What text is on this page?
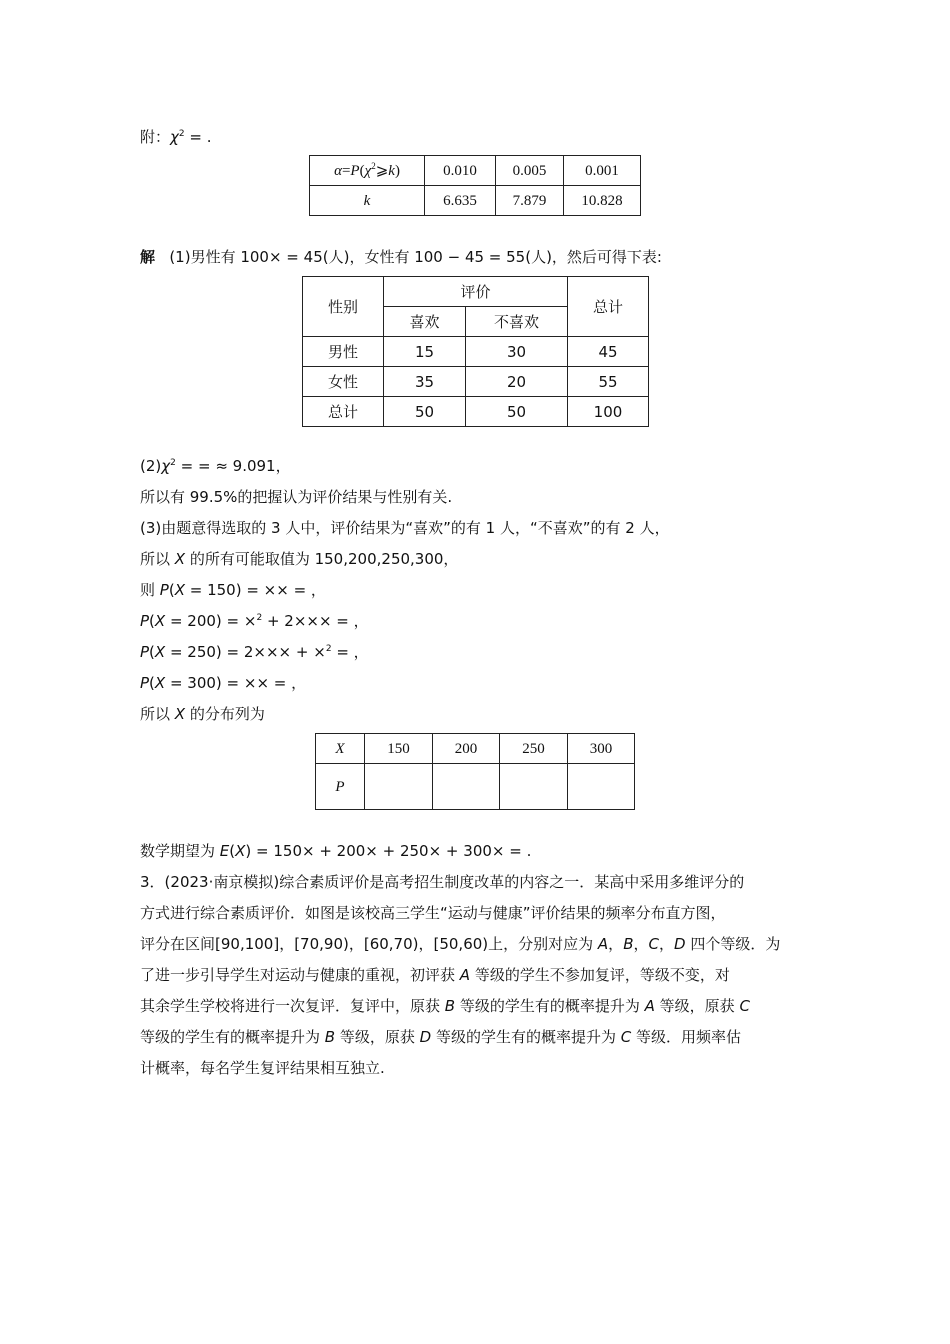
附：$\chi^2$ = .
$\alpha=P(\chi^2⩾k)$	0.010	0.005	0.001
k	6.635	7.879	10.828
解 (1)男性有 100× = 45(人)，女性有 100 − 45 = 55(人)，然后可得下表:
性别	评价		总计
	喜欢	不喜欢	
男性	15	30	45
女性	35	20	55
总计	50	50	100
$(2)\chi^2$ = = ≈ 9.091，
所以有 99.5%的把握认为评价结果与性别有关.
(3)由题意得选取的 3 人中，评价结果为“喜欢”的有 1 人，“不喜欢”的有 2 人，
所以 X 的所有可能取值为 150,200,250,300，
则 P(X = 150) = ×× = ，
P(X = 200) = ×$^2$ + 2××× = ，
P(X = 250) = 2××× + ×$^2$ = ，
P(X = 300) = ×× = ，
所以 X 的分布列为
X	150	200	250	300
P				
数学期望为 E(X) = 150× + 200× + 250× + 300× = .
3．(2023·南京模拟)综合素质评价是高考招生制度改革的内容之一．某高中采用多维评分的
方式进行综合素质评价．如图是该校高三学生“运动与健康”评价结果的频率分布直方图，
评分在区间[90,100]，[70,90)，[60,70)，[50,60)上，分别对应为 A，B，C，D 四个等级．为
了进一步引导学生对运动与健康的重视，初评获 A 等级的学生不参加复评，等级不变，对
其余学生学校将进行一次复评．复评中，原获 B 等级的学生有的概率提升为 A 等级，原获 C
等级的学生有的概率提升为 B 等级，原获 D 等级的学生有的概率提升为 C 等级．用频率估
计概率，每名学生复评结果相互独立.
